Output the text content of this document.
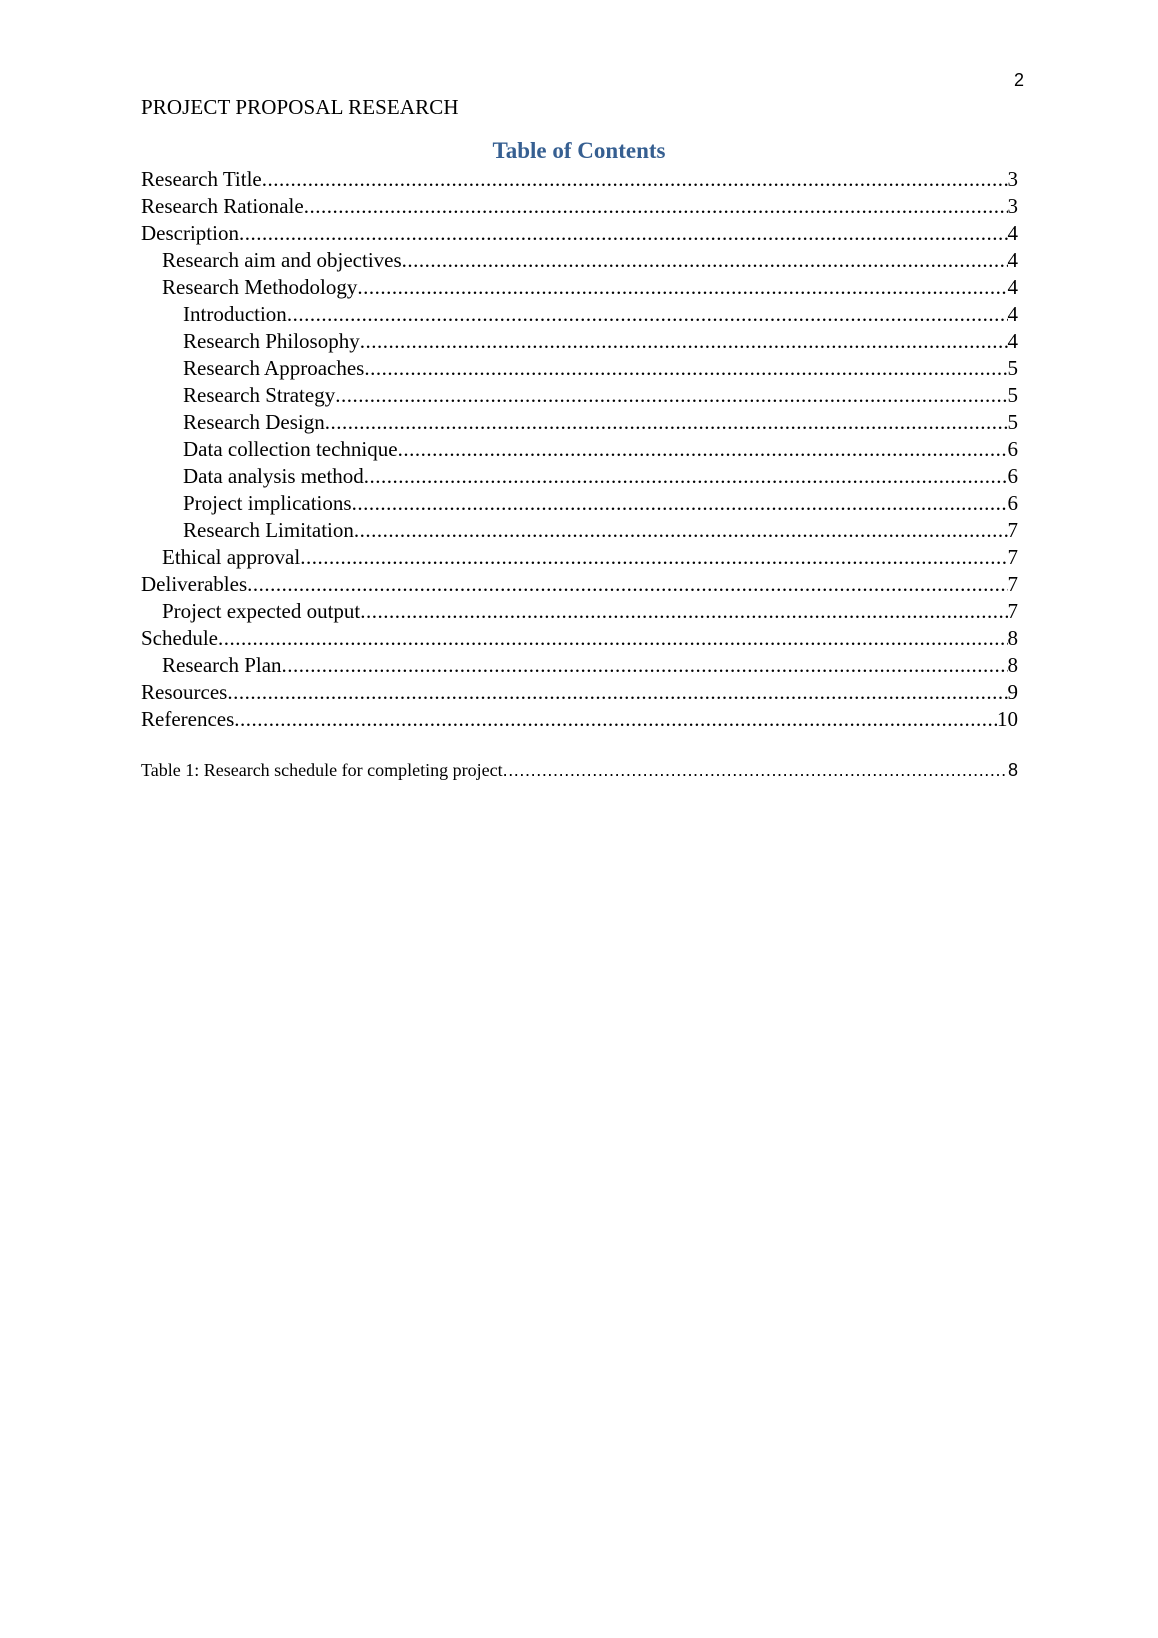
2
PROJECT PROPOSAL RESEARCH
Table of Contents
Research Title .....	3
Research Rationale .....	3
Description .....	4
Research aim and objectives .....	4
Research Methodology .....	4
Introduction .....	4
Research Philosophy .....	4
Research Approaches .....	5
Research Strategy .....	5
Research Design .....	5
Data collection technique .....	6
Data analysis method .....	6
Project implications .....	6
Research Limitation .....	7
Ethical approval .....	7
Deliverables .....	7
Project expected output .....	7
Schedule .....	8
Research Plan .....	8
Resources .....	9
References .....	10
Table 1: Research schedule for completing project .....	8
